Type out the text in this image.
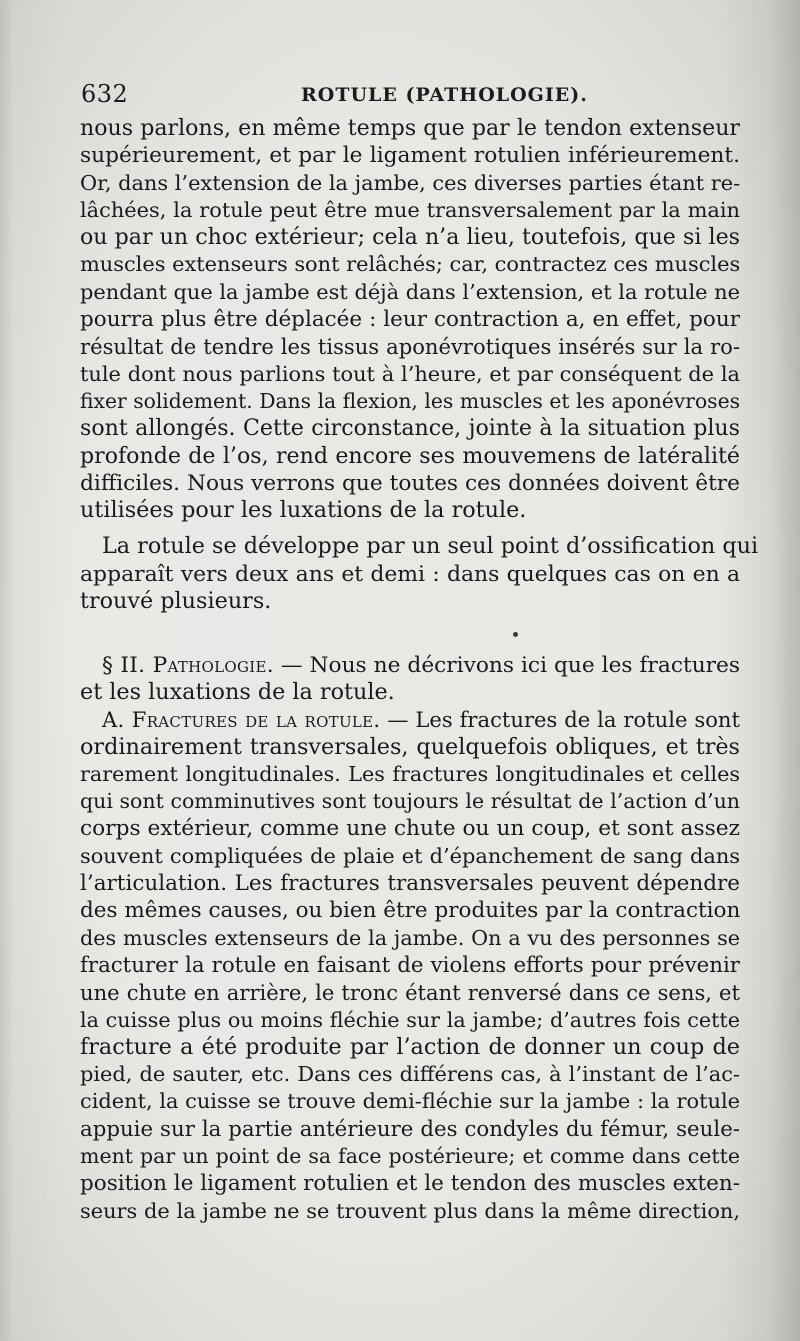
632	ROTULE (PATHOLOGIE).
nous parlons, en même temps que par le tendon extenseur
supérieurement, et par le ligament rotulien inférieurement.
Or, dans l’extension de la jambe, ces diverses parties étant re-
lâchées, la rotule peut être mue transversalement par la main
ou par un choc extérieur; cela n’a lieu, toutefois, que si les
muscles extenseurs sont relâchés; car, contractez ces muscles
pendant que la jambe est déjà dans l’extension, et la rotule ne
pourra plus être déplacée : leur contraction a, en effet, pour
résultat de tendre les tissus aponévrotiques insérés sur la ro-
tule dont nous parlions tout à l’heure, et par conséquent de la
fixer solidement. Dans la flexion, les muscles et les aponévroses
sont allongés. Cette circonstance, jointe à la situation plus
profonde de l’os, rend encore ses mouvemens de latéralité
difficiles. Nous verrons que toutes ces données doivent être
utilisées pour les luxations de la rotule.
La rotule se développe par un seul point d’ossification qui
apparaît vers deux ans et demi : dans quelques cas on en a
trouvé plusieurs.
§ II. Pathologie. — Nous ne décrivons ici que les fractures
et les luxations de la rotule.
A. Fractures de la rotule. — Les fractures de la rotule sont
ordinairement transversales, quelquefois obliques, et très
rarement longitudinales. Les fractures longitudinales et celles
qui sont comminutives sont toujours le résultat de l’action d’un
corps extérieur, comme une chute ou un coup, et sont assez
souvent compliquées de plaie et d’épanchement de sang dans
l’articulation. Les fractures transversales peuvent dépendre
des mêmes causes, ou bien être produites par la contraction
des muscles extenseurs de la jambe. On a vu des personnes se
fracturer la rotule en faisant de violens efforts pour prévenir
une chute en arrière, le tronc étant renversé dans ce sens, et
la cuisse plus ou moins fléchie sur la jambe; d’autres fois cette
fracture a été produite par l’action de donner un coup de
pied, de sauter, etc. Dans ces différens cas, à l’instant de l’ac-
cident, la cuisse se trouve demi-fléchie sur la jambe : la rotule
appuie sur la partie antérieure des condyles du fémur, seule-
ment par un point de sa face postérieure; et comme dans cette
position le ligament rotulien et le tendon des muscles exten-
seurs de la jambe ne se trouvent plus dans la même direction,
